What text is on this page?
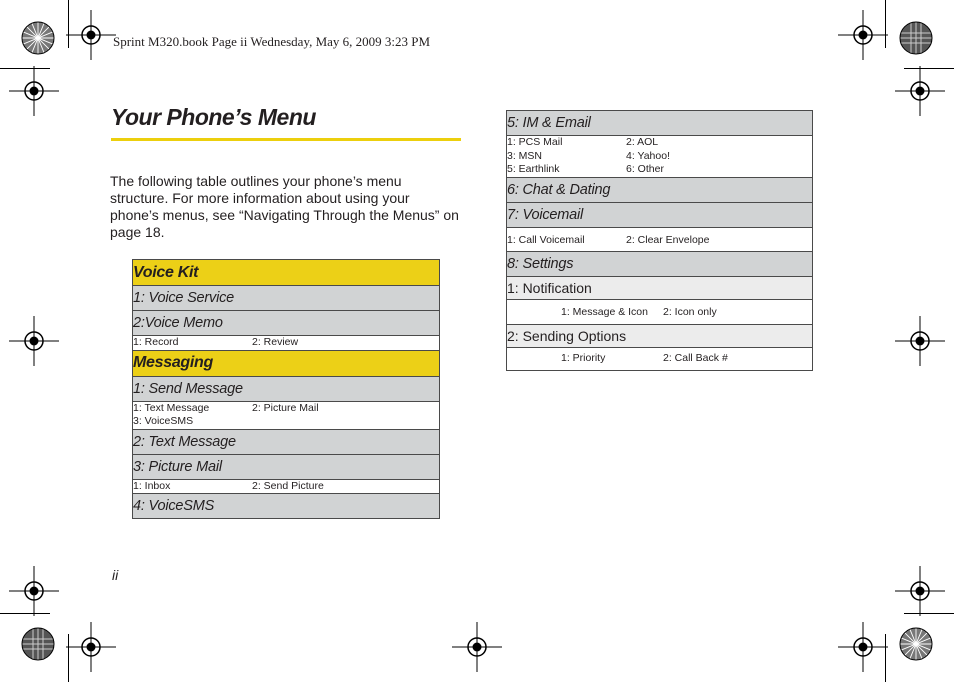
Sprint M320.book Page ii Wednesday, May 6, 2009 3:23 PM
Your Phone’s Menu

The following table outlines your phone’s menu structure. For more information about using your phone’s menus, see “Navigating Through the Menus” on page 18.

Voice Kit
1: Voice Service
2:Voice Memo

1: Record	2: Review

Messaging
1: Send Message

1: Text Message	2: Picture Mail
3: VoiceSMS

2: Text Message
3: Picture Mail

1: Inbox	2: Send Picture

4: VoiceSMS
5: IM & Email

1: PCS Mail	2: AOL
3: MSN	4: Yahoo!
5: Earthlink	6: Other

6: Chat & Dating
7: Voicemail

1: Call Voicemail	2: Clear Envelope

8: Settings
1: Notification

1: Message & Icon	2: Icon only

2: Sending Options

1: Priority	2: Call Back #
ii
